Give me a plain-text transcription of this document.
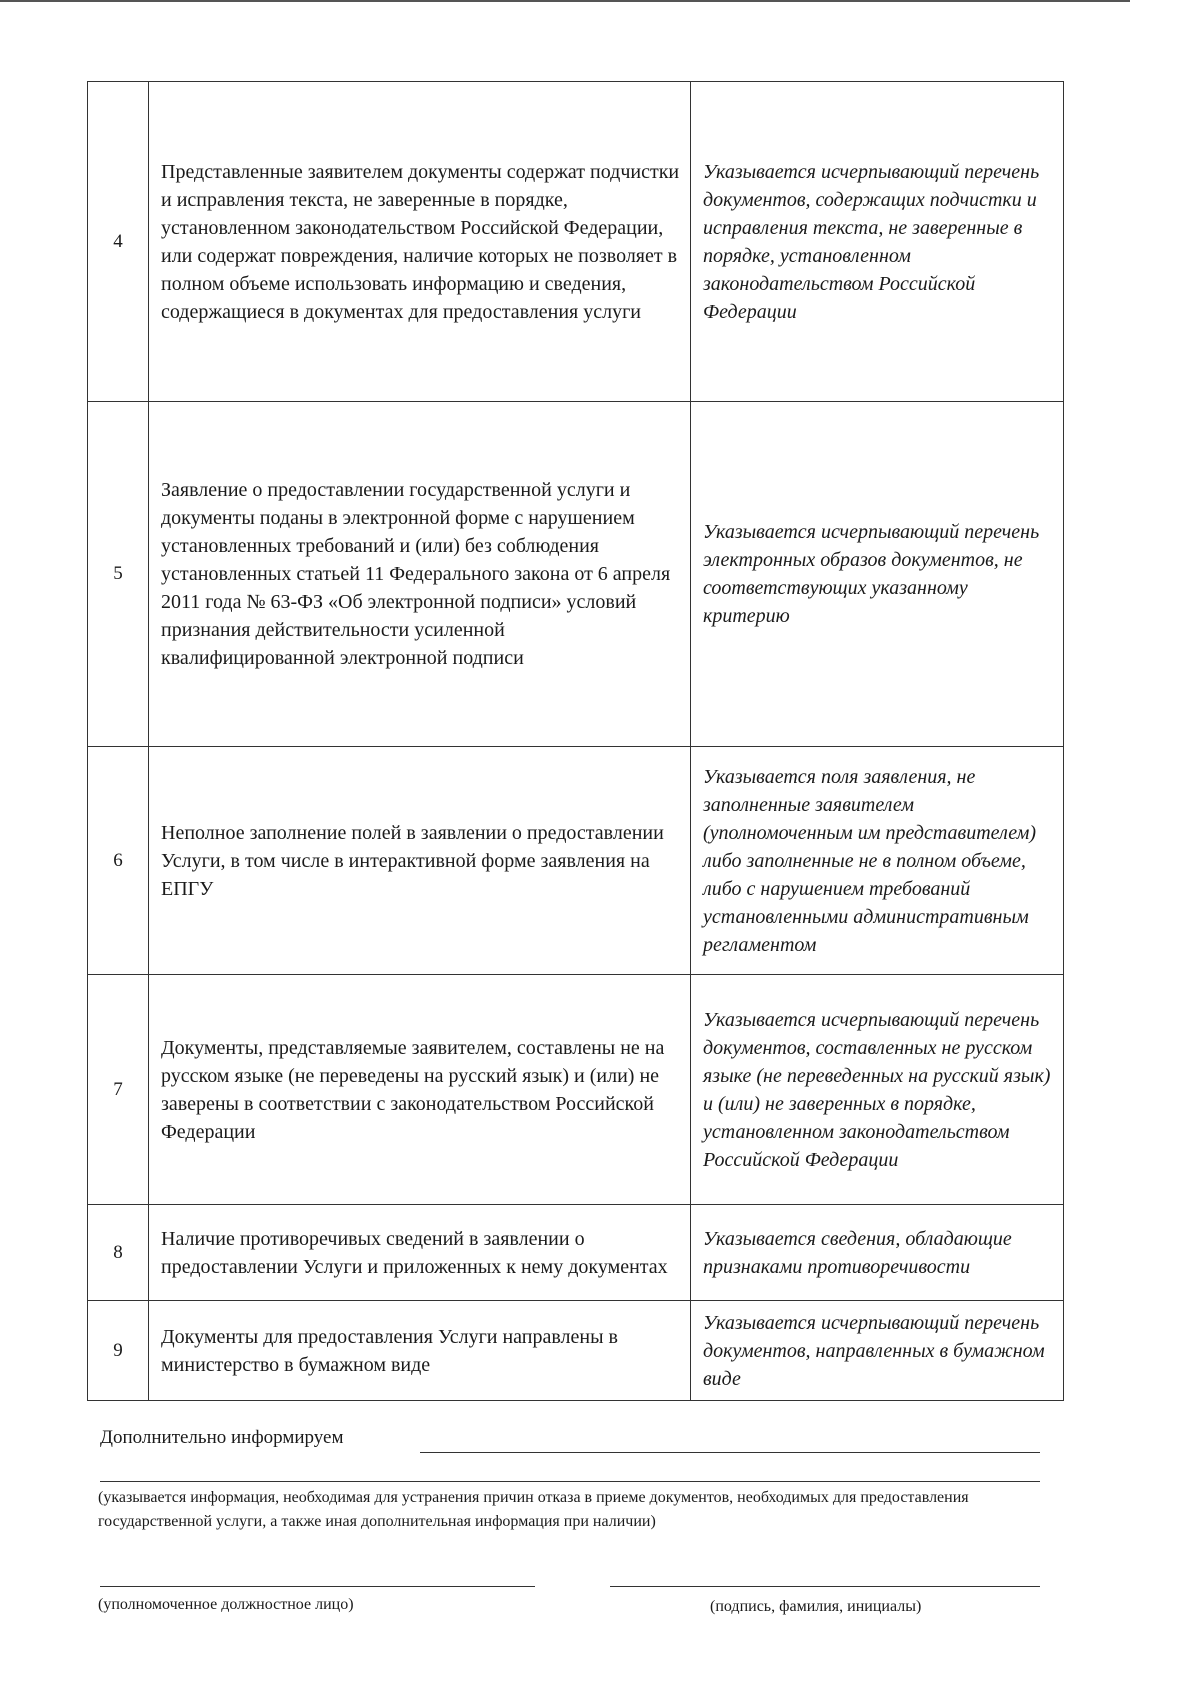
4	Представленные заявителем документы содержат подчистки и исправления текста, не заверенные в порядке, установленном законодательством Российской Федерации, или содержат повреждения, наличие которых не позволяет в полном объеме использовать информацию и сведения, содержащиеся в документах для предоставления услуги	Указывается исчерпывающий перечень документов, содержащих подчистки и исправления текста, не заверенные в порядке, установленном законодательством Российской Федерации
5	Заявление о предоставлении государственной услуги и документы поданы в электронной форме с нарушением установленных требований и (или) без соблюдения установленных статьей 11 Федерального закона от 6 апреля 2011 года № 63-ФЗ «Об электронной подписи» условий признания действительности усиленной квалифицированной электронной подписи	Указывается исчерпывающий перечень электронных образов документов, не соответствующих указанному критерию
6	Неполное заполнение полей в заявлении о предоставлении Услуги, в том числе в интерактивной форме заявления на ЕПГУ	Указывается поля заявления, не заполненные заявителем (уполномоченным им представителем) либо заполненные не в полном объеме, либо с нарушением требований установленными административным регламентом
7	Документы, представляемые заявителем, составлены не на русском языке (не переведены на русский язык) и (или) не заверены в соответствии с законодательством Российской Федерации	Указывается исчерпывающий перечень документов, составленных не русском языке (не переведенных на русский язык) и (или) не заверенных в порядке, установленном законодательством Российской Федерации
8	Наличие противоречивых сведений в заявлении о предоставлении Услуги и приложенных к нему документах	Указывается сведения, обладающие признаками противоречивости
9	Документы для предоставления Услуги направлены в министерство в бумажном виде	Указывается исчерпывающий перечень документов, направленных в бумажном виде
Дополнительно информируем
(указывается информация, необходимая для устранения причин отказа в приеме документов, необходимых для предоставления государственной услуги, а также иная дополнительная информация при наличии)
(уполномоченное должностное лицо)	(подпись, фамилия, инициалы)
